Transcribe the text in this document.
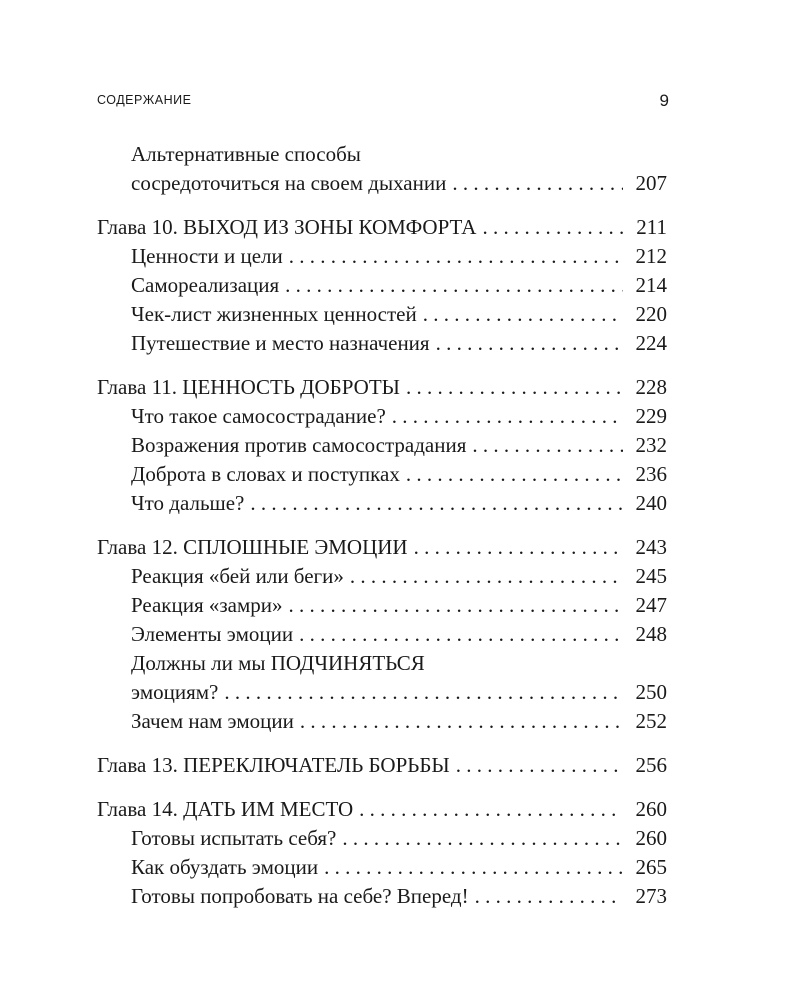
СОДЕРЖАНИЕ	9
Альтернативные способы
сосредоточиться на своем дыхании . . .	207
Глава 10. ВЫХОД ИЗ ЗОНЫ КОМФОРТА . . .	211
Ценности и цели . . .	212
Самореализация . . .	214
Чек-лист жизненных ценностей . . .	220
Путешествие и место назначения . . .	224
Глава 11. ЦЕННОСТЬ ДОБРОТЫ . . .	228
Что такое самосострадание? . . .	229
Возражения против самосострадания . . .	232
Доброта в словах и поступках . . .	236
Что дальше? . . .	240
Глава 12. СПЛОШНЫЕ ЭМОЦИИ . . .	243
Реакция «бей или беги» . . .	245
Реакция «замри» . . .	247
Элементы эмоции . . .	248
Должны ли мы ПОДЧИНЯТЬСЯ
эмоциям? . . .	250
Зачем нам эмоции . . .	252
Глава 13. ПЕРЕКЛЮЧАТЕЛЬ БОРЬБЫ . . .	256
Глава 14. ДАТЬ ИМ МЕСТО . . .	260
Готовы испытать себя? . . .	260
Как обуздать эмоции . . .	265
Готовы попробовать на себе? Вперед! . . .	273
